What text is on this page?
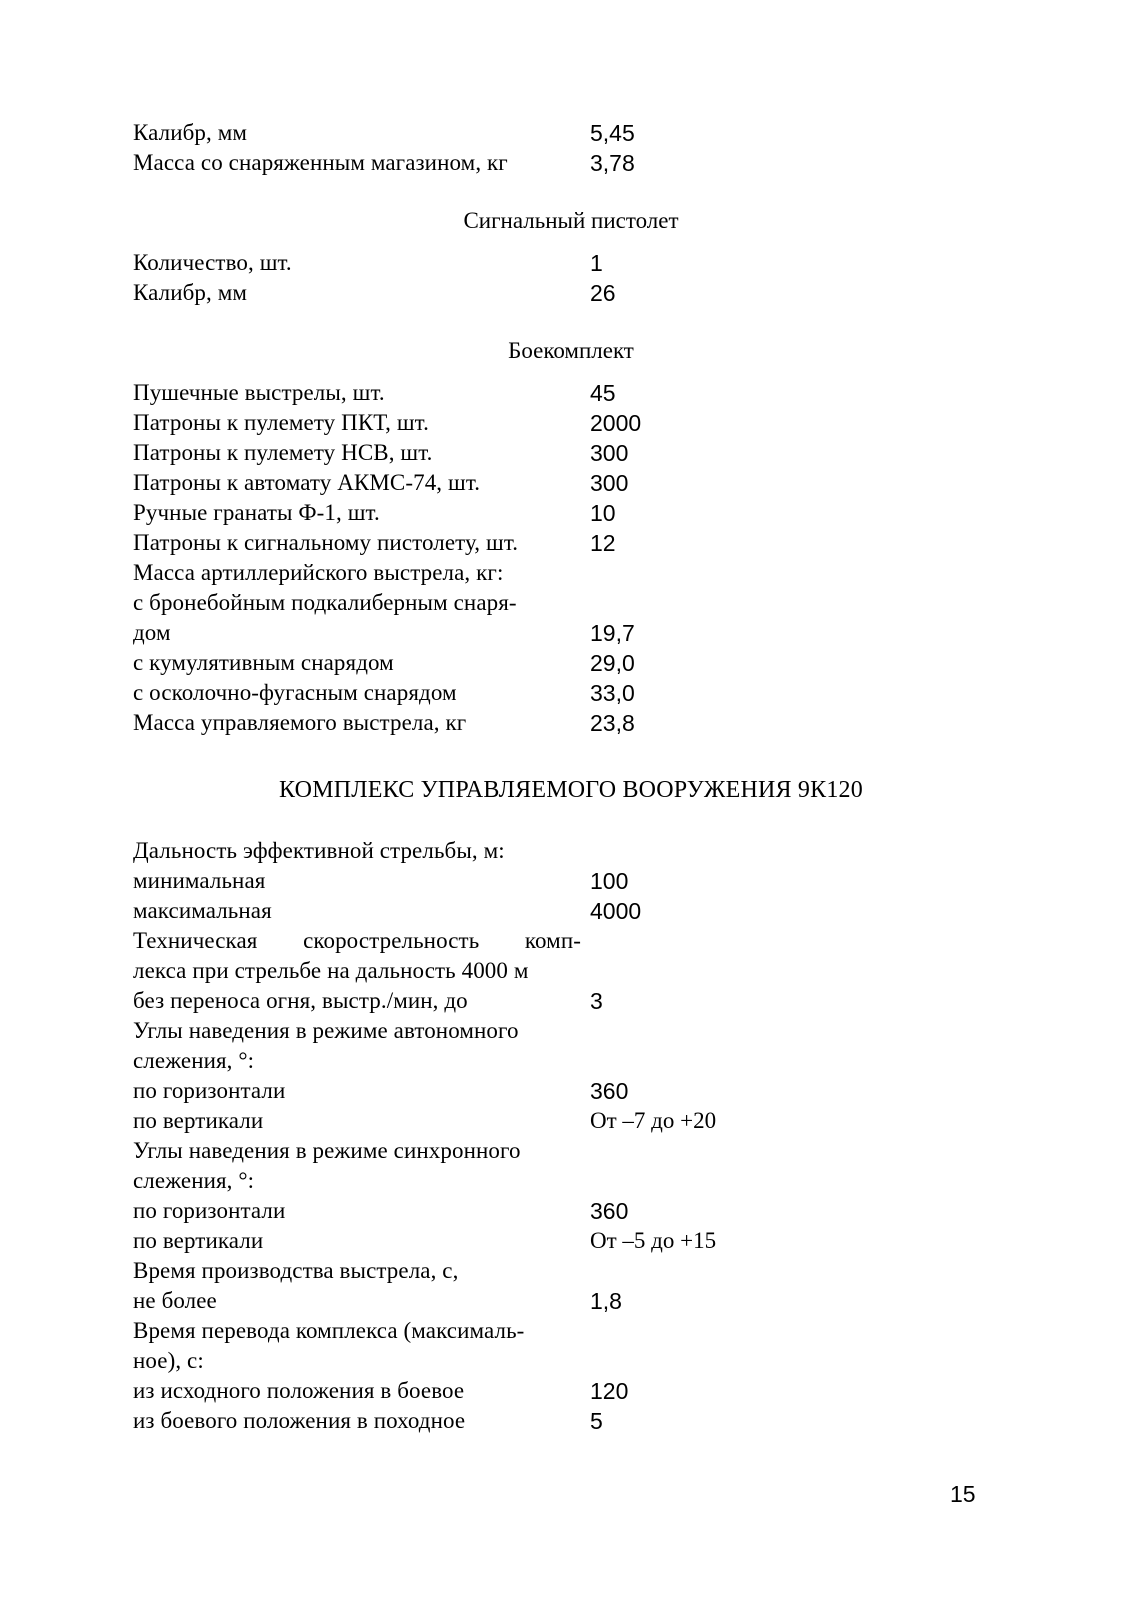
Калибр, мм	5,45
Масса со снаряженным магазином, кг	3,78
Сигнальный пистолет
Количество, шт.	1
Калибр, мм	26
Боекомплект
Пушечные выстрелы, шт.	45
Патроны к пулемету ПКТ, шт.	2000
Патроны к пулемету НСВ, шт.	300
Патроны к автомату АКМС-74, шт.	300
Ручные гранаты Ф-1, шт.	10
Патроны к сигнальному пистолету, шт.	12
Масса артиллерийского выстрела, кг:
с бронебойным подкалиберным снаря-
дом	19,7
с кумулятивным снарядом	29,0
с осколочно-фугасным снарядом	33,0
Масса управляемого выстрела, кг	23,8
КОМПЛЕКС УПРАВЛЯЕМОГО ВООРУЖЕНИЯ 9К120
Дальность эффективной стрельбы, м:
минимальная	100
максимальная	4000
Техническая скорострельность комп-
лекса при стрельбе на дальность 4000 м
без переноса огня, выстр./мин, до	3
Углы наведения в режиме автономного
слежения, °:
по горизонтали	360
по вертикали	От –7 до +20
Углы наведения в режиме синхронного
слежения, °:
по горизонтали	360
по вертикали	От –5 до +15
Время производства выстрела, с,
не более	1,8
Время перевода комплекса (максималь-
ное), с:
из исходного положения в боевое	120
из боевого положения в походное	5
15
